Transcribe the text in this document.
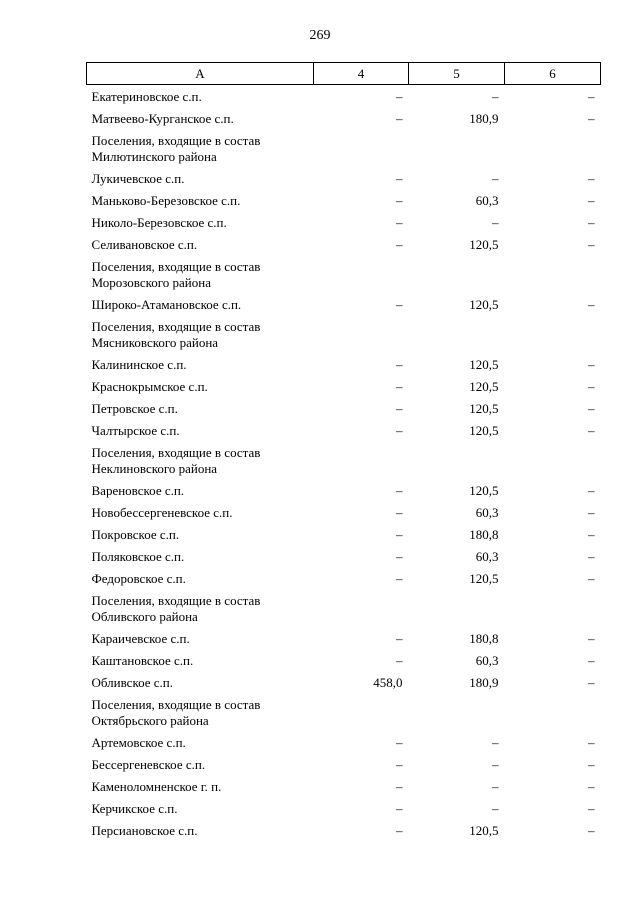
269
А	4	5	6
Екатериновское с.п.	–	–	–
Матвеево-Курганское с.п.	–	180,9	–
Поселения, входящие в состав Милютинского района			
Лукичевское с.п.	–	–	–
Маньково-Березовское с.п.	–	60,3	–
Николо-Березовское с.п.	–	–	–
Селивановское с.п.	–	120,5	–
Поселения, входящие в состав Морозовского района			
Широко-Атамановское с.п.	–	120,5	–
Поселения, входящие в состав Мясниковского района			
Калининское с.п.	–	120,5	–
Краснокрымское с.п.	–	120,5	–
Петровское с.п.	–	120,5	–
Чалтырское с.п.	–	120,5	–
Поселения, входящие в состав Неклиновского района			
Вареновское с.п.	–	120,5	–
Новобессергеневское с.п.	–	60,3	–
Покровское с.п.	–	180,8	–
Поляковское с.п.	–	60,3	–
Федоровское с.п.	–	120,5	–
Поселения, входящие в состав Обливского района			
Караичевское с.п.	–	180,8	–
Каштановское с.п.	–	60,3	–
Обливское с.п.	458,0	180,9	–
Поселения, входящие в состав Октябрьского района			
Артемовское с.п.	–	–	–
Бессергеневское с.п.	–	–	–
Каменоломненское г. п.	–	–	–
Керчикское с.п.	–	–	–
Персиановское с.п.	–	120,5	–
